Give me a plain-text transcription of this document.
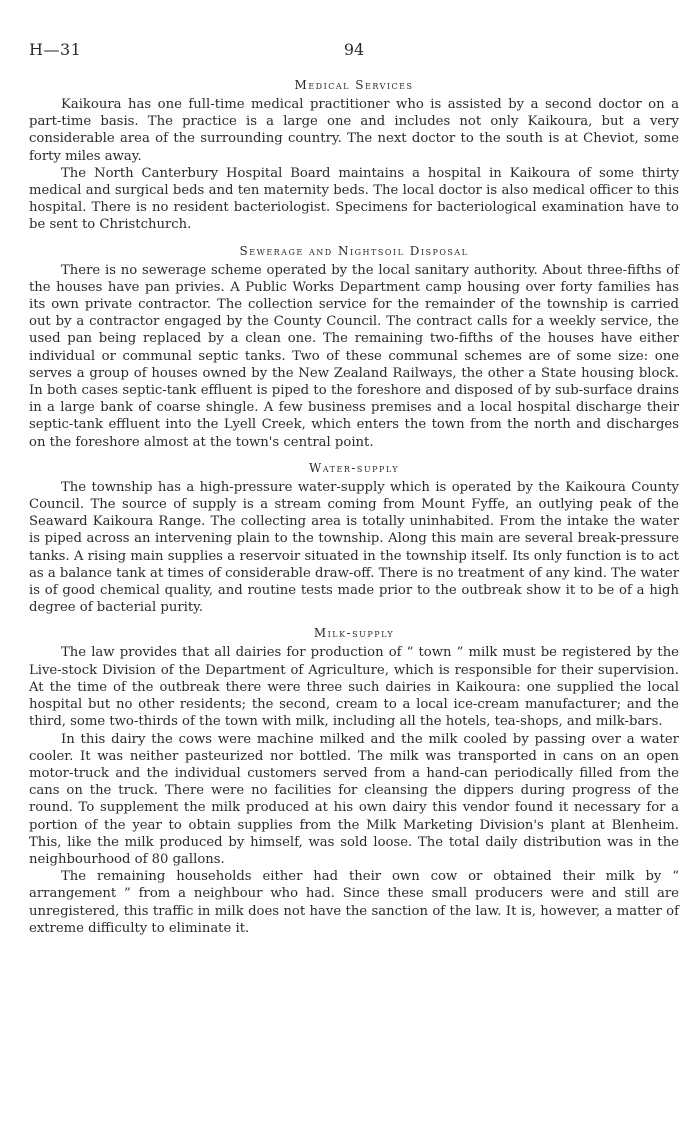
H—31	94
Medical Services

Kaikoura has one full-time medical practitioner who is assisted by a second doctor on a part-time basis. The practice is a large one and includes not only Kaikoura, but a very considerable area of the surrounding country. The next doctor to the south is at Cheviot, some forty miles away.

The North Canterbury Hospital Board maintains a hospital in Kaikoura of some thirty medical and surgical beds and ten maternity beds. The local doctor is also medical officer to this hospital. There is no resident bacteriologist. Specimens for bacteriological examination have to be sent to Christchurch.

Sewerage and Nightsoil Disposal

There is no sewerage scheme operated by the local sanitary authority. About three-fifths of the houses have pan privies. A Public Works Department camp housing over forty families has its own private contractor. The collection service for the remainder of the township is carried out by a contractor engaged by the County Council. The contract calls for a weekly service, the used pan being replaced by a clean one. The remaining two-fifths of the houses have either individual or communal septic tanks. Two of these communal schemes are of some size: one serves a group of houses owned by the New Zealand Railways, the other a State housing block. In both cases septic-tank effluent is piped to the foreshore and disposed of by sub-surface drains in a large bank of coarse shingle. A few business premises and a local hospital discharge their septic-tank effluent into the Lyell Creek, which enters the town from the north and discharges on the foreshore almost at the town's central point.

Water-supply

The township has a high-pressure water-supply which is operated by the Kaikoura County Council. The source of supply is a stream coming from Mount Fyffe, an outlying peak of the Seaward Kaikoura Range. The collecting area is totally uninhabited. From the intake the water is piped across an intervening plain to the township. Along this main are several break-pressure tanks. A rising main supplies a reservoir situated in the township itself. Its only function is to act as a balance tank at times of considerable draw-off. There is no treatment of any kind. The water is of good chemical quality, and routine tests made prior to the outbreak show it to be of a high degree of bacterial purity.

Milk-supply

The law provides that all dairies for production of “ town ” milk must be registered by the Live-stock Division of the Department of Agriculture, which is responsible for their supervision. At the time of the outbreak there were three such dairies in Kaikoura: one supplied the local hospital but no other residents; the second, cream to a local ice-cream manufacturer; and the third, some two-thirds of the town with milk, including all the hotels, tea-shops, and milk-bars.

In this dairy the cows were machine milked and the milk cooled by passing over a water cooler. It was neither pasteurized nor bottled. The milk was transported in cans on an open motor-truck and the individual customers served from a hand-can periodically filled from the cans on the truck. There were no facilities for cleansing the dippers during progress of the round. To supplement the milk produced at his own dairy this vendor found it necessary for a portion of the year to obtain supplies from the Milk Marketing Division's plant at Blenheim. This, like the milk produced by himself, was sold loose. The total daily distribution was in the neighbourhood of 80 gallons.

The remaining households either had their own cow or obtained their milk by “ arrangement ” from a neighbour who had. Since these small producers were and still are unregistered, this traffic in milk does not have the sanction of the law. It is, however, a matter of extreme difficulty to eliminate it.
